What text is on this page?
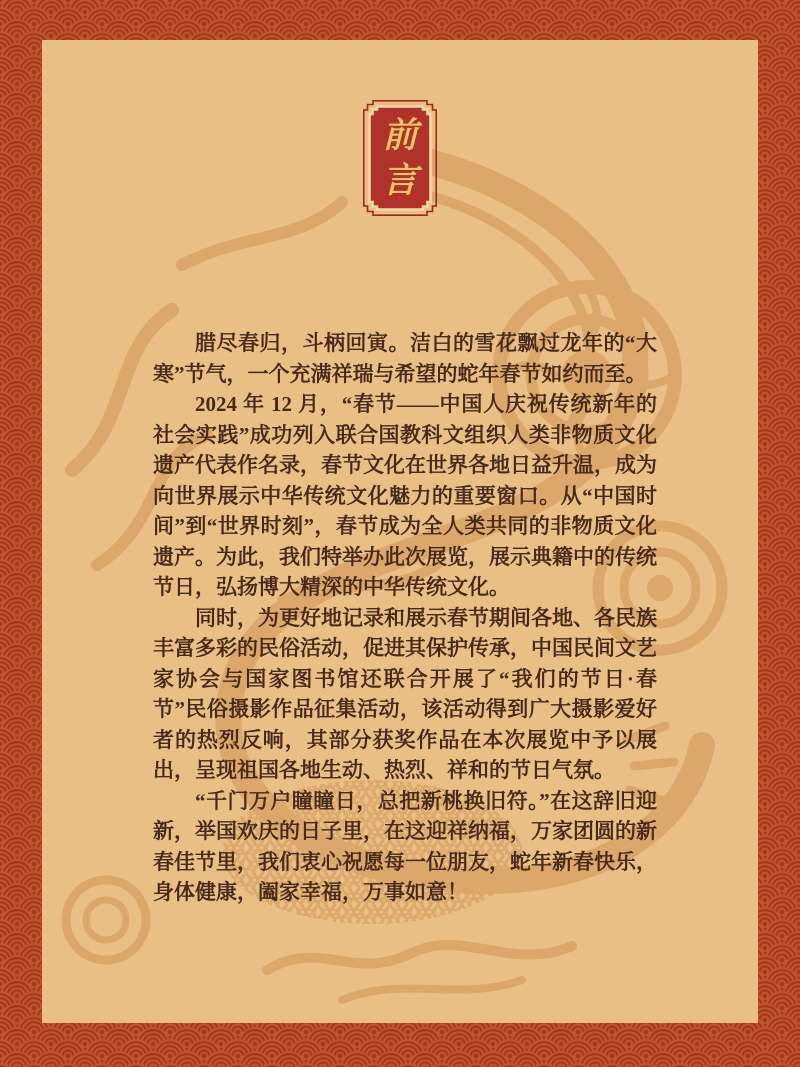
前
言

腊尽春归，斗柄回寅。洁白的雪花飘过龙年的“大寒”节气，一个充满祥瑞与希望的蛇年春节如约而至。

2024 年 12 月，“春节——中国人庆祝传统新年的社会实践”成功列入联合国教科文组织人类非物质文化遗产代表作名录，春节文化在世界各地日益升温，成为向世界展示中华传统文化魅力的重要窗口。从“中国时间”到“世界时刻”，春节成为全人类共同的非物质文化遗产。为此，我们特举办此次展览，展示典籍中的传统节日，弘扬博大精深的中华传统文化。

同时，为更好地记录和展示春节期间各地、各民族丰富多彩的民俗活动，促进其保护传承，中国民间文艺家协会与国家图书馆还联合开展了“我们的节日·春节”民俗摄影作品征集活动，该活动得到广大摄影爱好者的热烈反响，其部分获奖作品在本次展览中予以展出，呈现祖国各地生动、热烈、祥和的节日气氛。

“千门万户瞳瞳日，总把新桃换旧符。”在这辞旧迎新，举国欢庆的日子里，在这迎祥纳福，万家团圆的新春佳节里，我们衷心祝愿每一位朋友，蛇年新春快乐，身体健康，阖家幸福，万事如意！
